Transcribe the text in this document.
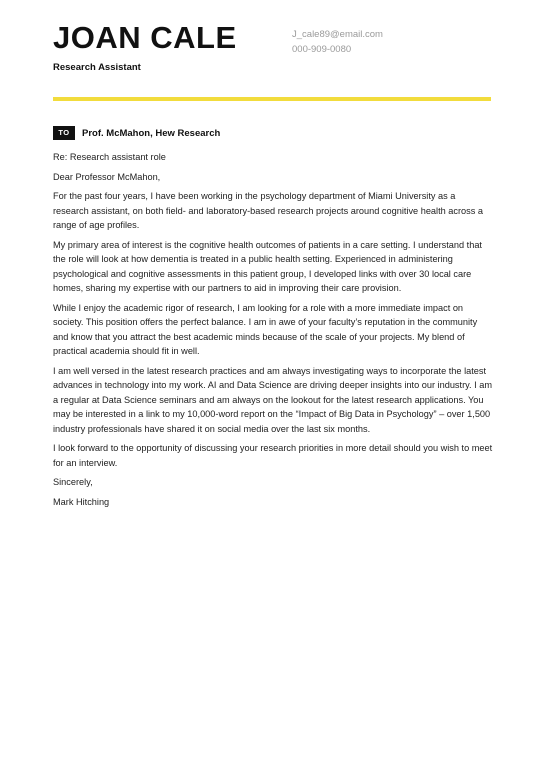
JOAN CALE
Research Assistant
J_cale89@email.com
000-909-0080
TO	Prof. McMahon, Hew Research

Re: Research assistant role

Dear Professor McMahon,

For the past four years, I have been working in the psychology department of Miami University as a research assistant, on both field- and laboratory-based research projects around cognitive health across a range of age profiles.

My primary area of interest is the cognitive health outcomes of patients in a care setting. I understand that the role will look at how dementia is treated in a public health setting. Experienced in administering psychological and cognitive assessments in this patient group, I developed links with over 30 local care homes, sharing my expertise with our partners to aid in improving their care provision.

While I enjoy the academic rigor of research, I am looking for a role with a more immediate impact on society. This position offers the perfect balance. I am in awe of your faculty’s reputation in the community and know that you attract the best academic minds because of the scale of your projects. My blend of practical academia should fit in well.

I am well versed in the latest research practices and am always investigating ways to incorporate the latest advances in technology into my work. AI and Data Science are driving deeper insights into our industry. I am a regular at Data Science seminars and am always on the lookout for the latest research applications. You may be interested in a link to my 10,000-word report on the “Impact of Big Data in Psychology” – over 1,500 industry professionals have shared it on social media over the last six months.

I look forward to the opportunity of discussing your research priorities in more detail should you wish to meet for an interview.

Sincerely,

Mark Hitching
